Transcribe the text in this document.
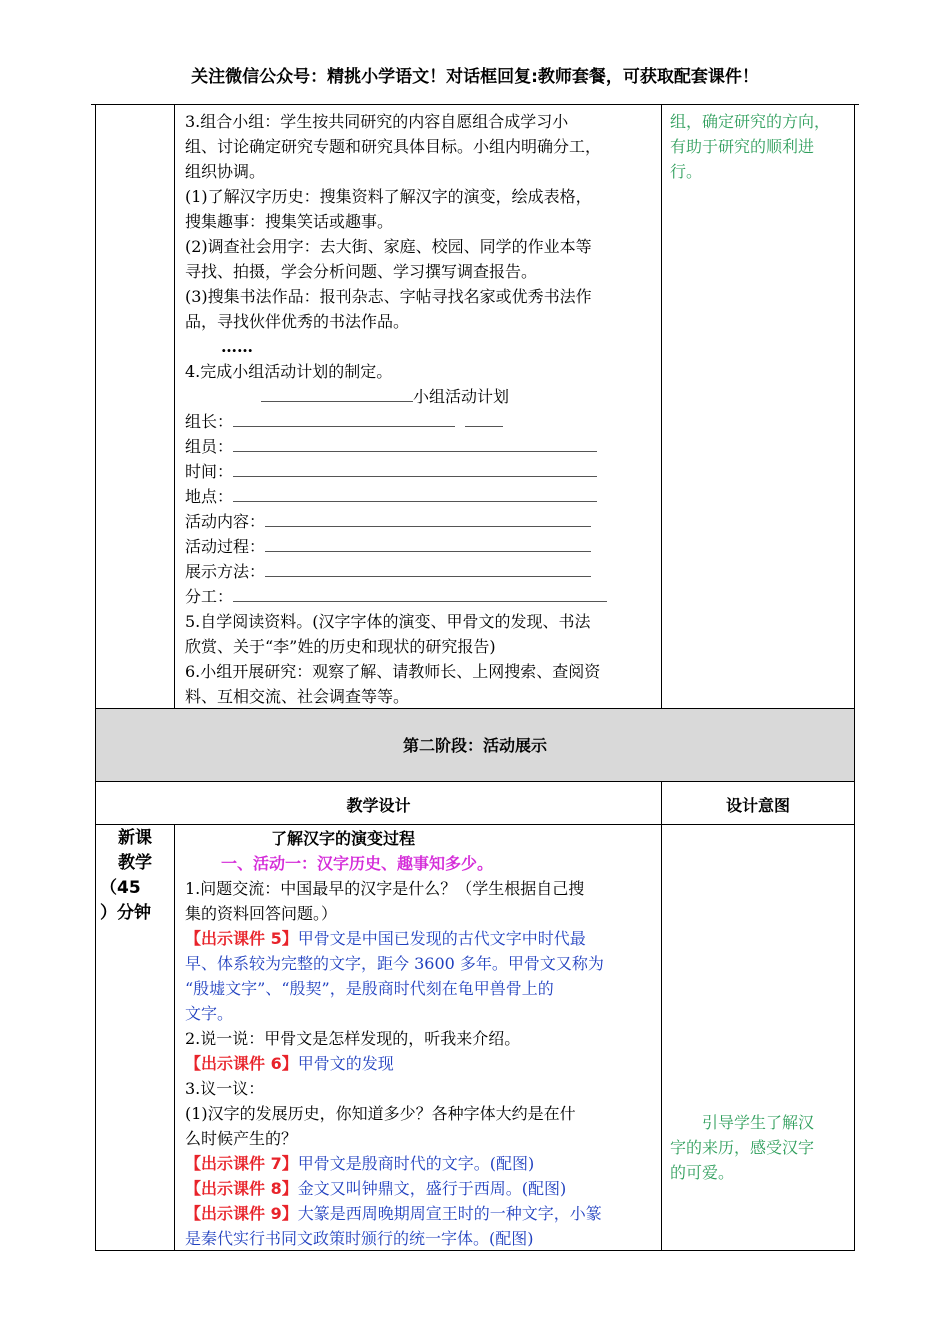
关注微信公众号：精挑小学语文！对话框回复:教师套餐，可获取配套课件！
3.组合小组：学生按共同研究的内容自愿组合成学习小
组、讨论确定研究专题和研究具体目标。小组内明确分工，
组织协调。
(1)了解汉字历史：搜集资料了解汉字的演变，绘成表格，
搜集趣事：搜集笑话或趣事。
(2)调查社会用字：去大街、家庭、校园、同学的作业本等
寻找、拍摄，学会分析问题、学习撰写调查报告。
(3)搜集书法作品：报刊杂志、字帖寻找名家或优秀书法作
品，寻找伙伴优秀的书法作品。
……
4.完成小组活动计划的制定。
小组活动计划
组长：
组员：
时间：
地点：
活动内容：
活动过程：
展示方法：
分工：
5.自学阅读资料。(汉字字体的演变、甲骨文的发现、书法
欣赏、关于“李”姓的历史和现状的研究报告)
6.小组开展研究：观察了解、请教师长、上网搜索、查阅资
料、互相交流、社会调查等等。
组，确定研究的方向，
有助于研究的顺利进
行。
第二阶段：活动展示
教学设计	设计意图
新课
教学
（45
）分钟
了解汉字的演变过程
一、活动一：汉字历史、趣事知多少。
1.问题交流：中国最早的汉字是什么？（学生根据自己搜
集的资料回答问题。）
【出示课件 5】甲骨文是中国已发现的古代文字中时代最
早、体系较为完整的文字，距今 3600 多年。甲骨文又称为
“殷墟文字”、“殷契”，是殷商时代刻在龟甲兽骨上的
文字。
2.说一说：甲骨文是怎样发现的，听我来介绍。
【出示课件 6】甲骨文的发现
3.议一议：
(1)汉字的发展历史，你知道多少？各种字体大约是在什
么时候产生的？
【出示课件 7】甲骨文是殷商时代的文字。(配图)
【出示课件 8】金文又叫钟鼎文，盛行于西周。(配图)
【出示课件 9】大篆是西周晚期周宣王时的一种文字，小篆
是秦代实行书同文政策时颁行的统一字体。(配图)
　　引导学生了解汉
字的来历，感受汉字
的可爱。
